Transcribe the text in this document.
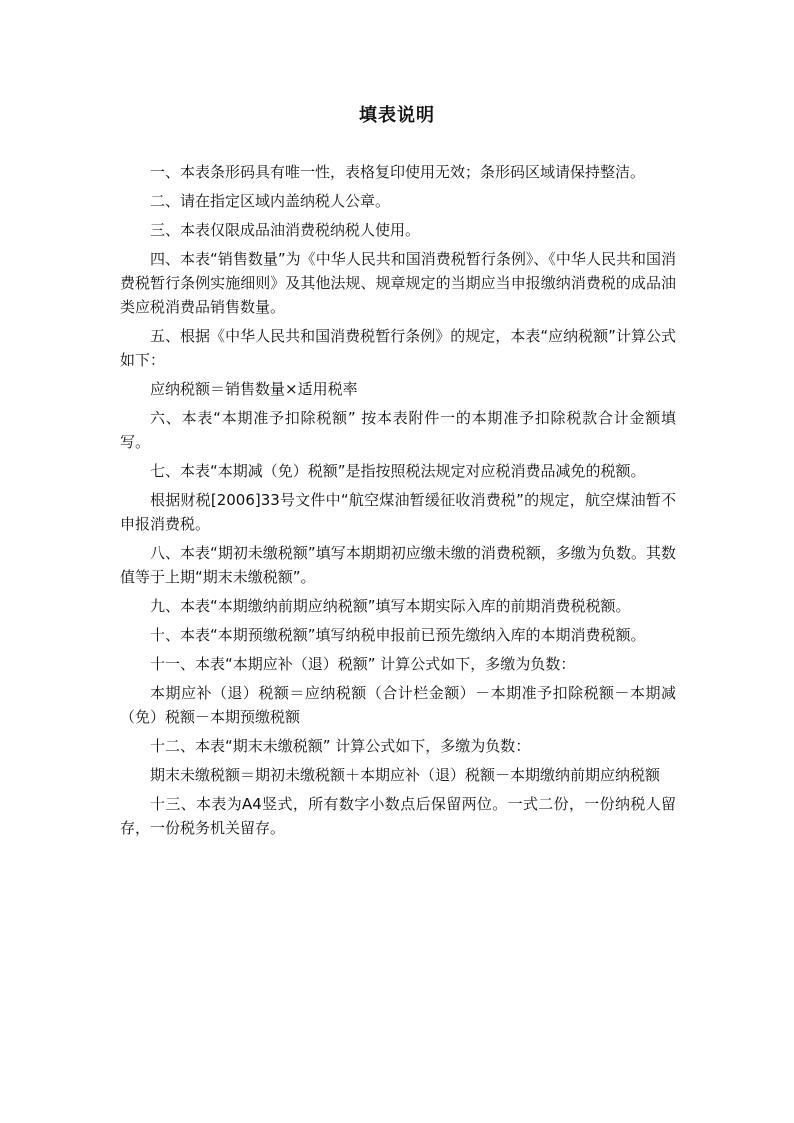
填表说明

一、本表条形码具有唯一性，表格复印使用无效；条形码区域请保持整洁。

二、请在指定区域内盖纳税人公章。

三、本表仅限成品油消费税纳税人使用。

四、本表“销售数量”为《中华人民共和国消费税暂行条例》、《中华人民共和国消费税暂行条例实施细则》及其他法规、规章规定的当期应当申报缴纳消费税的成品油类应税消费品销售数量。

五、根据《中华人民共和国消费税暂行条例》的规定，本表“应纳税额”计算公式如下：

应纳税额＝销售数量×适用税率

六、本表“本期准予扣除税额” 按本表附件一的本期准予扣除税款合计金额填写。

七、本表“本期减（免）税额”是指按照税法规定对应税消费品减免的税额。

根据财税[2006]33号文件中“航空煤油暂缓征收消费税”的规定，航空煤油暂不申报消费税。

八、本表“期初未缴税额”填写本期期初应缴未缴的消费税额，多缴为负数。其数值等于上期“期末未缴税额”。

九、本表“本期缴纳前期应纳税额”填写本期实际入库的前期消费税税额。

十、本表“本期预缴税额”填写纳税申报前已预先缴纳入库的本期消费税额。

十一、本表“本期应补（退）税额” 计算公式如下，多缴为负数：

本期应补（退）税额＝应纳税额（合计栏金额）－本期准予扣除税额－本期减（免）税额－本期预缴税额

十二、本表“期末未缴税额” 计算公式如下，多缴为负数：

期末未缴税额＝期初未缴税额＋本期应补（退）税额－本期缴纳前期应纳税额

十三、本表为A4竖式，所有数字小数点后保留两位。一式二份，一份纳税人留存，一份税务机关留存。
